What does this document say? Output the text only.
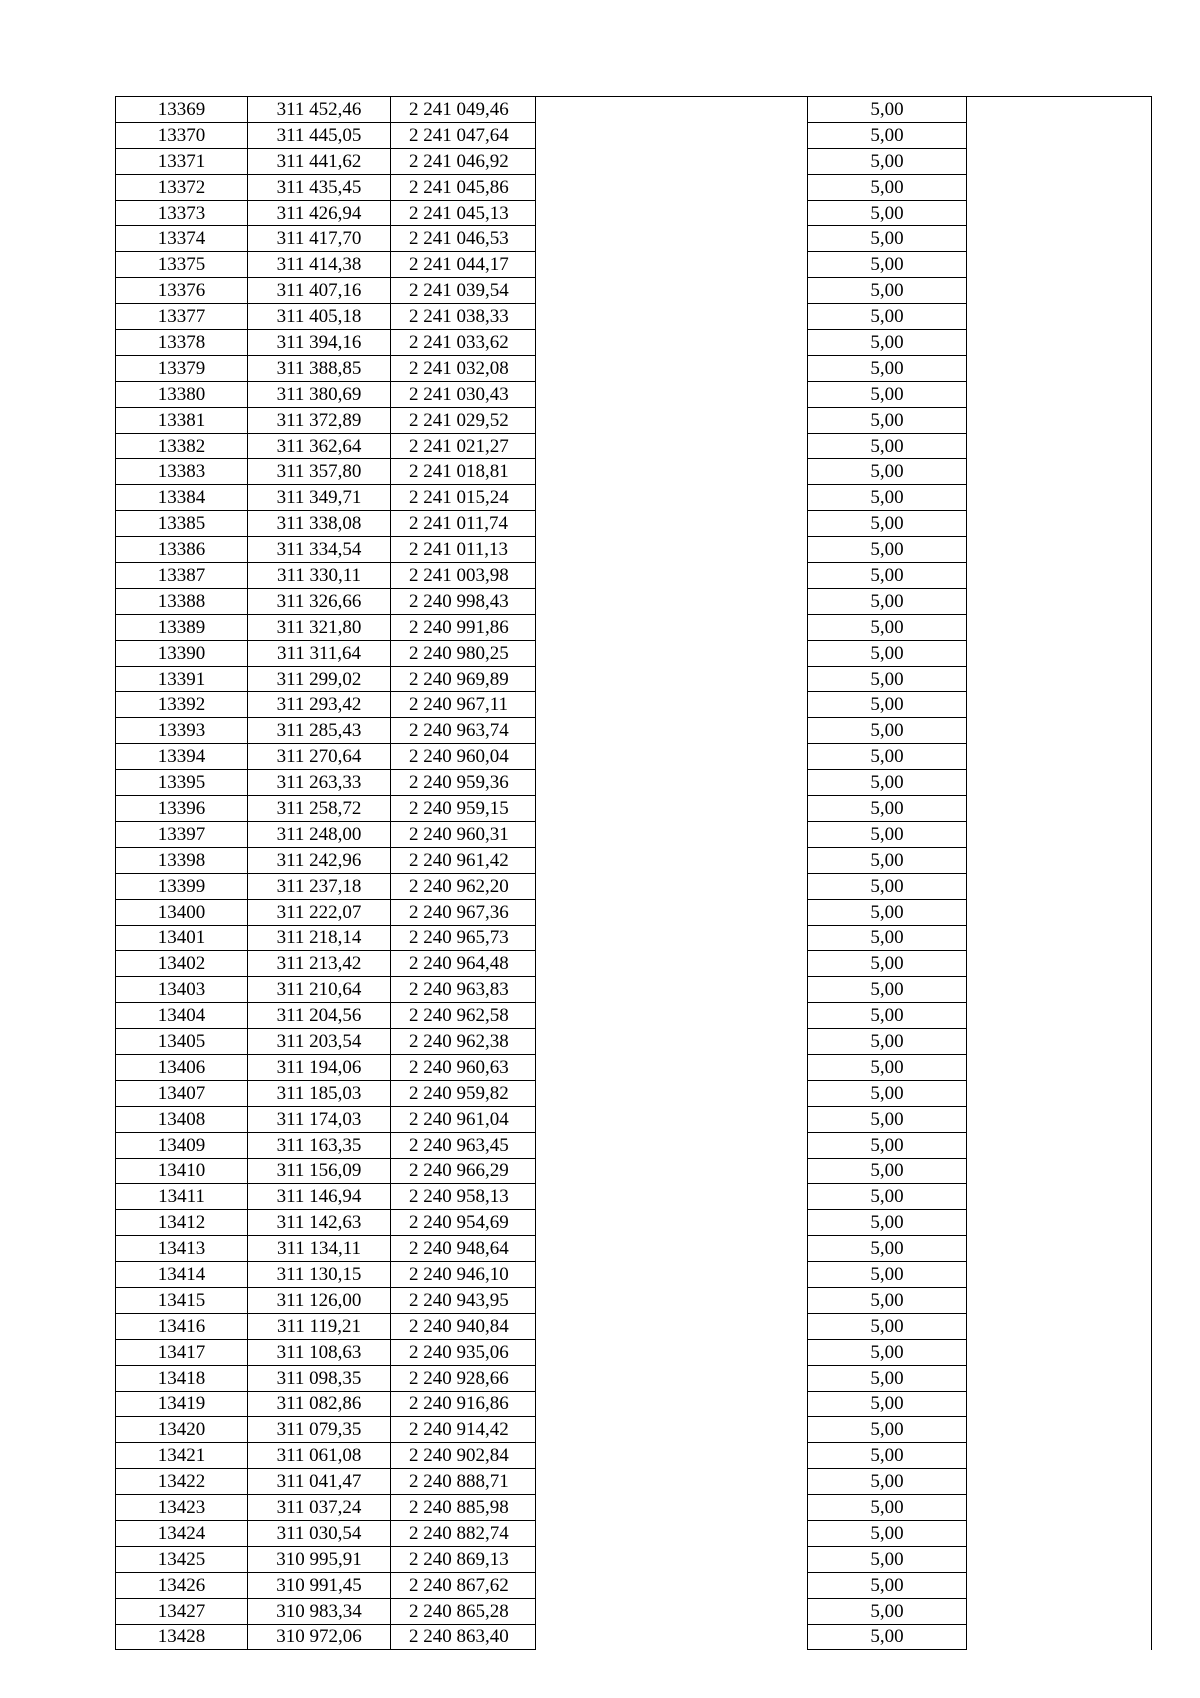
13369	311 452,46	2 241 049,46		5,00	
13370	311 445,05	2 241 047,64		5,00	
13371	311 441,62	2 241 046,92		5,00	
13372	311 435,45	2 241 045,86		5,00	
13373	311 426,94	2 241 045,13		5,00	
13374	311 417,70	2 241 046,53		5,00	
13375	311 414,38	2 241 044,17		5,00	
13376	311 407,16	2 241 039,54		5,00	
13377	311 405,18	2 241 038,33		5,00	
13378	311 394,16	2 241 033,62		5,00	
13379	311 388,85	2 241 032,08		5,00	
13380	311 380,69	2 241 030,43		5,00	
13381	311 372,89	2 241 029,52		5,00	
13382	311 362,64	2 241 021,27		5,00	
13383	311 357,80	2 241 018,81		5,00	
13384	311 349,71	2 241 015,24		5,00	
13385	311 338,08	2 241 011,74		5,00	
13386	311 334,54	2 241 011,13		5,00	
13387	311 330,11	2 241 003,98		5,00	
13388	311 326,66	2 240 998,43		5,00	
13389	311 321,80	2 240 991,86		5,00	
13390	311 311,64	2 240 980,25		5,00	
13391	311 299,02	2 240 969,89		5,00	
13392	311 293,42	2 240 967,11		5,00	
13393	311 285,43	2 240 963,74		5,00	
13394	311 270,64	2 240 960,04		5,00	
13395	311 263,33	2 240 959,36		5,00	
13396	311 258,72	2 240 959,15		5,00	
13397	311 248,00	2 240 960,31		5,00	
13398	311 242,96	2 240 961,42		5,00	
13399	311 237,18	2 240 962,20		5,00	
13400	311 222,07	2 240 967,36		5,00	
13401	311 218,14	2 240 965,73		5,00	
13402	311 213,42	2 240 964,48		5,00	
13403	311 210,64	2 240 963,83		5,00	
13404	311 204,56	2 240 962,58		5,00	
13405	311 203,54	2 240 962,38		5,00	
13406	311 194,06	2 240 960,63		5,00	
13407	311 185,03	2 240 959,82		5,00	
13408	311 174,03	2 240 961,04		5,00	
13409	311 163,35	2 240 963,45		5,00	
13410	311 156,09	2 240 966,29		5,00	
13411	311 146,94	2 240 958,13		5,00	
13412	311 142,63	2 240 954,69		5,00	
13413	311 134,11	2 240 948,64		5,00	
13414	311 130,15	2 240 946,10		5,00	
13415	311 126,00	2 240 943,95		5,00	
13416	311 119,21	2 240 940,84		5,00	
13417	311 108,63	2 240 935,06		5,00	
13418	311 098,35	2 240 928,66		5,00	
13419	311 082,86	2 240 916,86		5,00	
13420	311 079,35	2 240 914,42		5,00	
13421	311 061,08	2 240 902,84		5,00	
13422	311 041,47	2 240 888,71		5,00	
13423	311 037,24	2 240 885,98		5,00	
13424	311 030,54	2 240 882,74		5,00	
13425	310 995,91	2 240 869,13		5,00	
13426	310 991,45	2 240 867,62		5,00	
13427	310 983,34	2 240 865,28		5,00	
13428	310 972,06	2 240 863,40		5,00	
